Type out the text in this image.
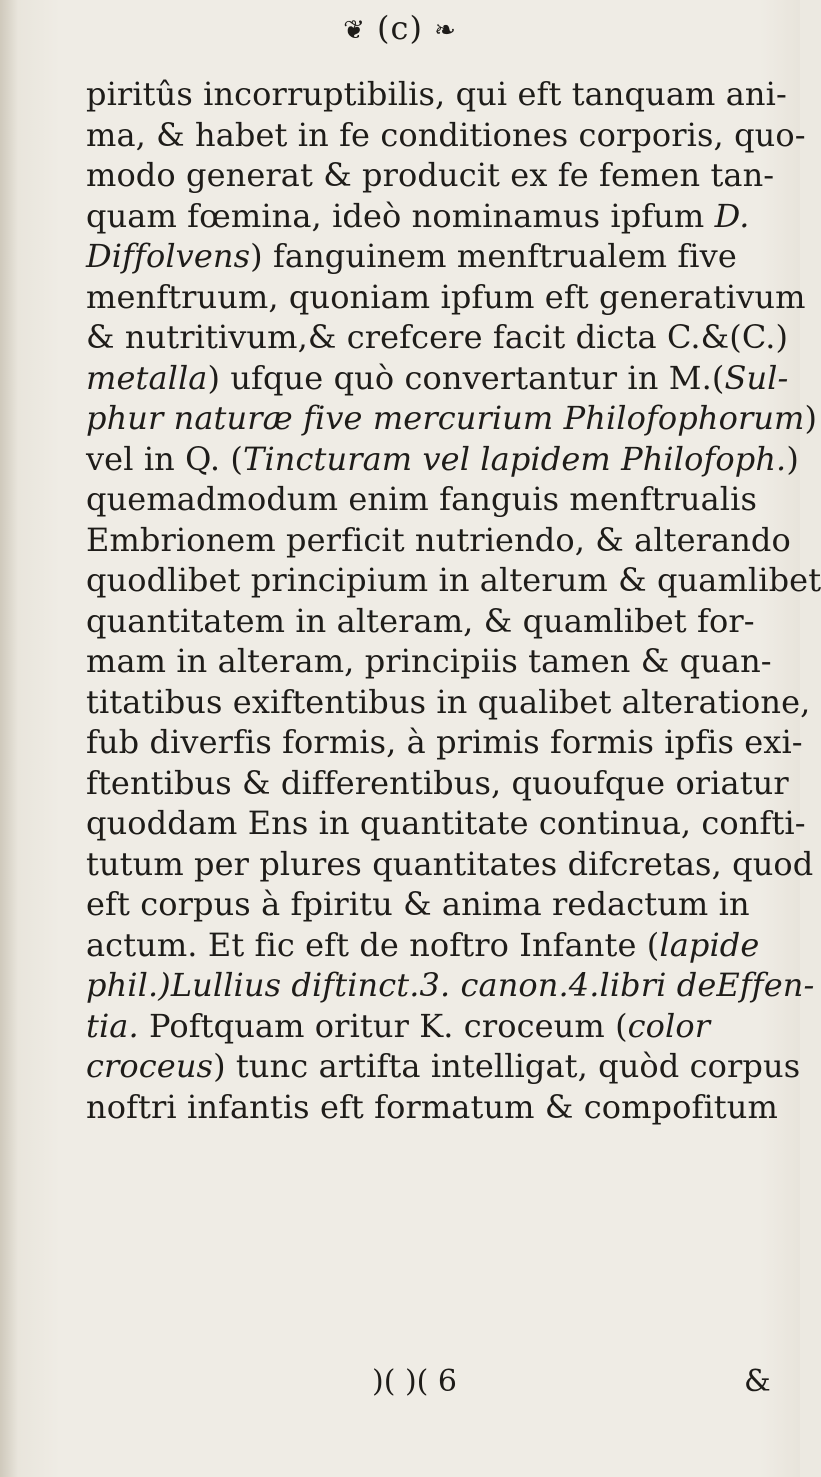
❦ (c) ❧
piritûs incorruptibilis, qui eft tanquam ani-
ma, & habet in fe conditiones corporis, quo-
modo generat & producit ex fe femen tan-
quam fœmina, ideò nominamus ipfum D.
Diffolvens) fanguinem menftrualem five
menftruum, quoniam ipfum eft generativum
& nutritivum,& crefcere facit dicta C.&(C.)
metalla) ufque quò convertantur in M.(Sul-
phur naturæ five mercurium Philofophorum)
vel in Q. (Tincturam vel lapidem Philofoph.)
quemadmodum enim fanguis menftrualis
Embrionem perficit nutriendo, & alterando
quodlibet principium in alterum & quamlibet
quantitatem in alteram, & quamlibet for-
mam in alteram, principiis tamen & quan-
titatibus exiftentibus in qualibet alteratione,
fub diverfis formis, à primis formis ipfis exi-
ftentibus & differentibus, quoufque oriatur
quoddam Ens in quantitate continua, confti-
tutum per plures quantitates difcretas, quod
eft corpus à fpiritu & anima redactum in
actum. Et fic eft de noftro Infante (lapide
phil.)Lullius diftinct.3. canon.4.libri deEffen-
tia. Poftquam oritur K. croceum (color
croceus) tunc artifta intelligat, quòd corpus
noftri infantis eft formatum & compofitum
)( )( 6	&
